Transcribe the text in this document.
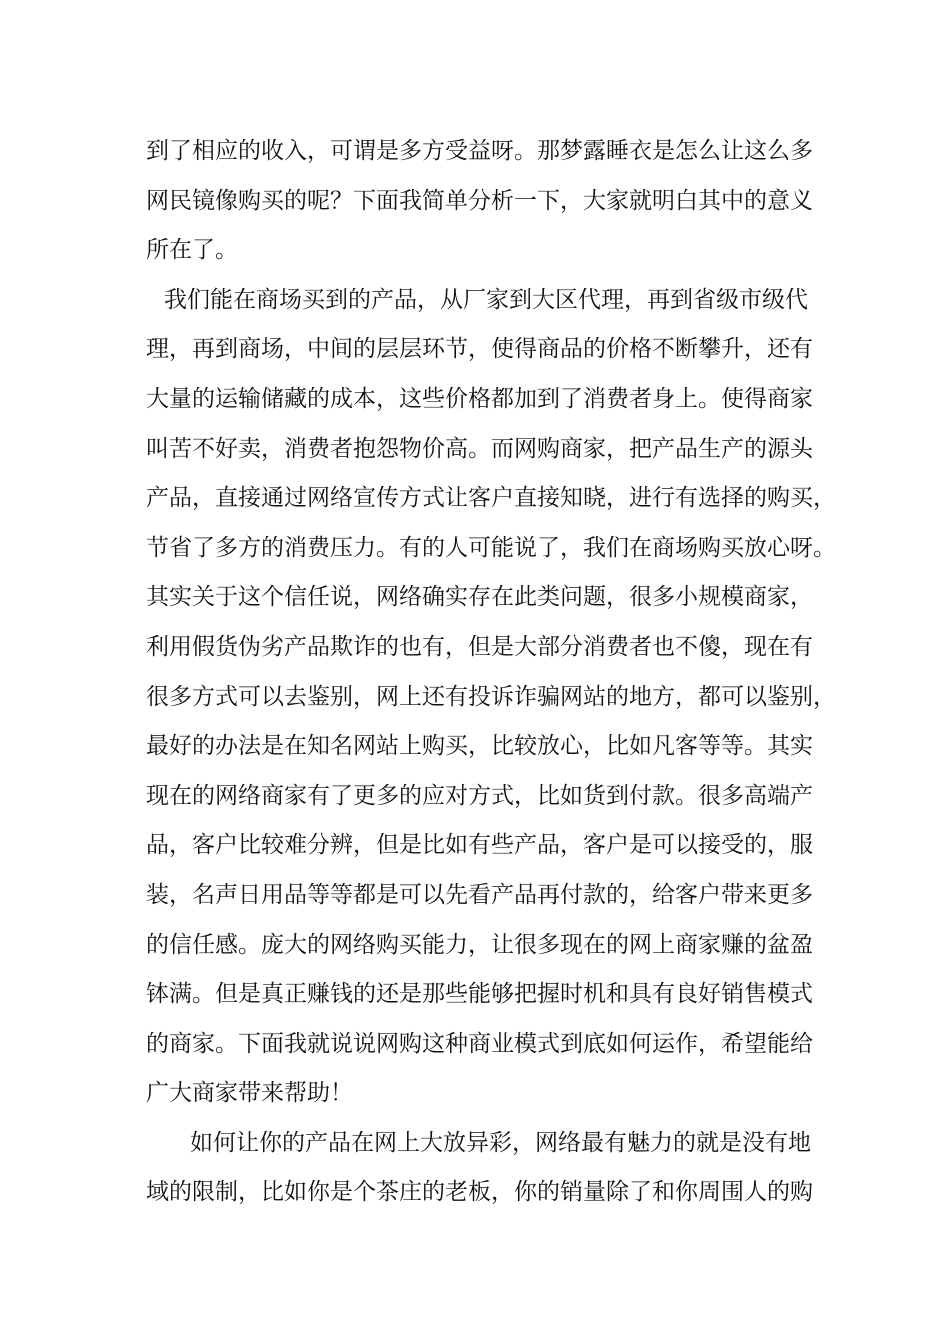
到了相应的收入，可谓是多方受益呀。那梦露睡衣是怎么让这么多
网民镜像购买的呢？下面我简单分析一下，大家就明白其中的意义
所在了。
我们能在商场买到的产品，从厂家到大区代理，再到省级市级代
理，再到商场，中间的层层环节，使得商品的价格不断攀升，还有
大量的运输储藏的成本，这些价格都加到了消费者身上。使得商家
叫苦不好卖，消费者抱怨物价高。而网购商家，把产品生产的源头
产品，直接通过网络宣传方式让客户直接知晓，进行有选择的购买，
节省了多方的消费压力。有的人可能说了，我们在商场购买放心呀。
其实关于这个信任说，网络确实存在此类问题，很多小规模商家，
利用假货伪劣产品欺诈的也有，但是大部分消费者也不傻，现在有
很多方式可以去鉴别，网上还有投诉诈骗网站的地方，都可以鉴别，
最好的办法是在知名网站上购买，比较放心，比如凡客等等。其实
现在的网络商家有了更多的应对方式，比如货到付款。很多高端产
品，客户比较难分辨，但是比如有些产品，客户是可以接受的，服
装，名声日用品等等都是可以先看产品再付款的，给客户带来更多
的信任感。庞大的网络购买能力，让很多现在的网上商家赚的盆盈
钵满。但是真正赚钱的还是那些能够把握时机和具有良好销售模式
的商家。下面我就说说网购这种商业模式到底如何运作，希望能给
广大商家带来帮助！
如何让你的产品在网上大放异彩，网络最有魅力的就是没有地
域的限制，比如你是个茶庄的老板，你的销量除了和你周围人的购
